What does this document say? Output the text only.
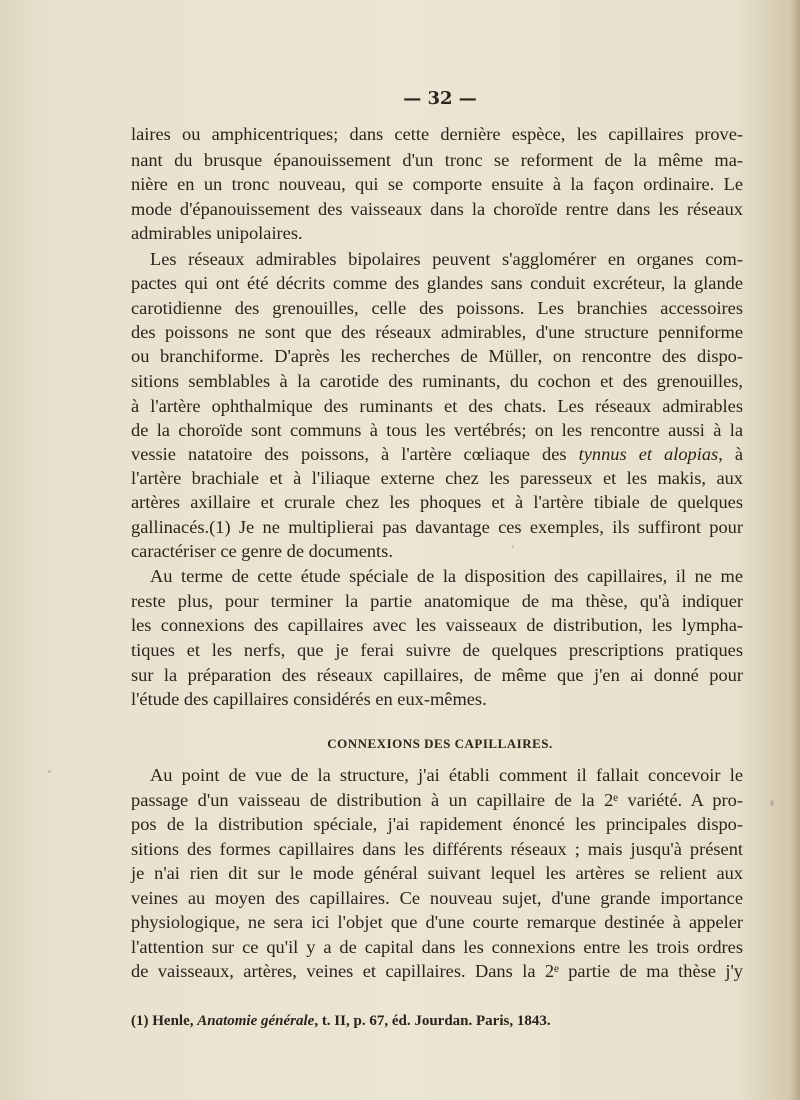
— 32 —
laires ou amphicentriques; dans cette dernière espèce, les capillaires prove-
nant du brusque épanouissement d'un tronc se reforment de la même ma-
nière en un tronc nouveau, qui se comporte ensuite à la façon ordinaire. Le
mode d'épanouissement des vaisseaux dans la choroïde rentre dans les réseaux
admirables unipolaires.
Les réseaux admirables bipolaires peuvent s'agglomérer en organes com-
pactes qui ont été décrits comme des glandes sans conduit excréteur, la glande
carotidienne des grenouilles, celle des poissons. Les branchies accessoires
des poissons ne sont que des réseaux admirables, d'une structure penniforme
ou branchiforme. D'après les recherches de Müller, on rencontre des dispo-
sitions semblables à la carotide des ruminants, du cochon et des grenouilles,
à l'artère ophthalmique des ruminants et des chats. Les réseaux admirables
de la choroïde sont communs à tous les vertébrés; on les rencontre aussi à la
vessie natatoire des poissons, à l'artère cœliaque des tynnus et alopias, à
l'artère brachiale et à l'iliaque externe chez les paresseux et les makis, aux
artères axillaire et crurale chez les phoques et à l'artère tibiale de quelques
gallinacés.(1) Je ne multiplierai pas davantage ces exemples, ils suffiront pour
caractériser ce genre de documents.
Au terme de cette étude spéciale de la disposition des capillaires, il ne me
reste plus, pour terminer la partie anatomique de ma thèse, qu'à indiquer
les connexions des capillaires avec les vaisseaux de distribution, les lympha-
tiques et les nerfs, que je ferai suivre de quelques prescriptions pratiques
sur la préparation des réseaux capillaires, de même que j'en ai donné pour
l'étude des capillaires considérés en eux-mêmes.
CONNEXIONS DES CAPILLAIRES.
Au point de vue de la structure, j'ai établi comment il fallait concevoir le
passage d'un vaisseau de distribution à un capillaire de la 2ᵉ variété. A pro-
pos de la distribution spéciale, j'ai rapidement énoncé les principales dispo-
sitions des formes capillaires dans les différents réseaux ; mais jusqu'à présent
je n'ai rien dit sur le mode général suivant lequel les artères se relient aux
veines au moyen des capillaires. Ce nouveau sujet, d'une grande importance
physiologique, ne sera ici l'objet que d'une courte remarque destinée à appeler
l'attention sur ce qu'il y a de capital dans les connexions entre les trois ordres
de vaisseaux, artères, veines et capillaires. Dans la 2ᵉ partie de ma thèse j'y
(1) Henle, Anatomie générale, t. II, p. 67, éd. Jourdan. Paris, 1843.
